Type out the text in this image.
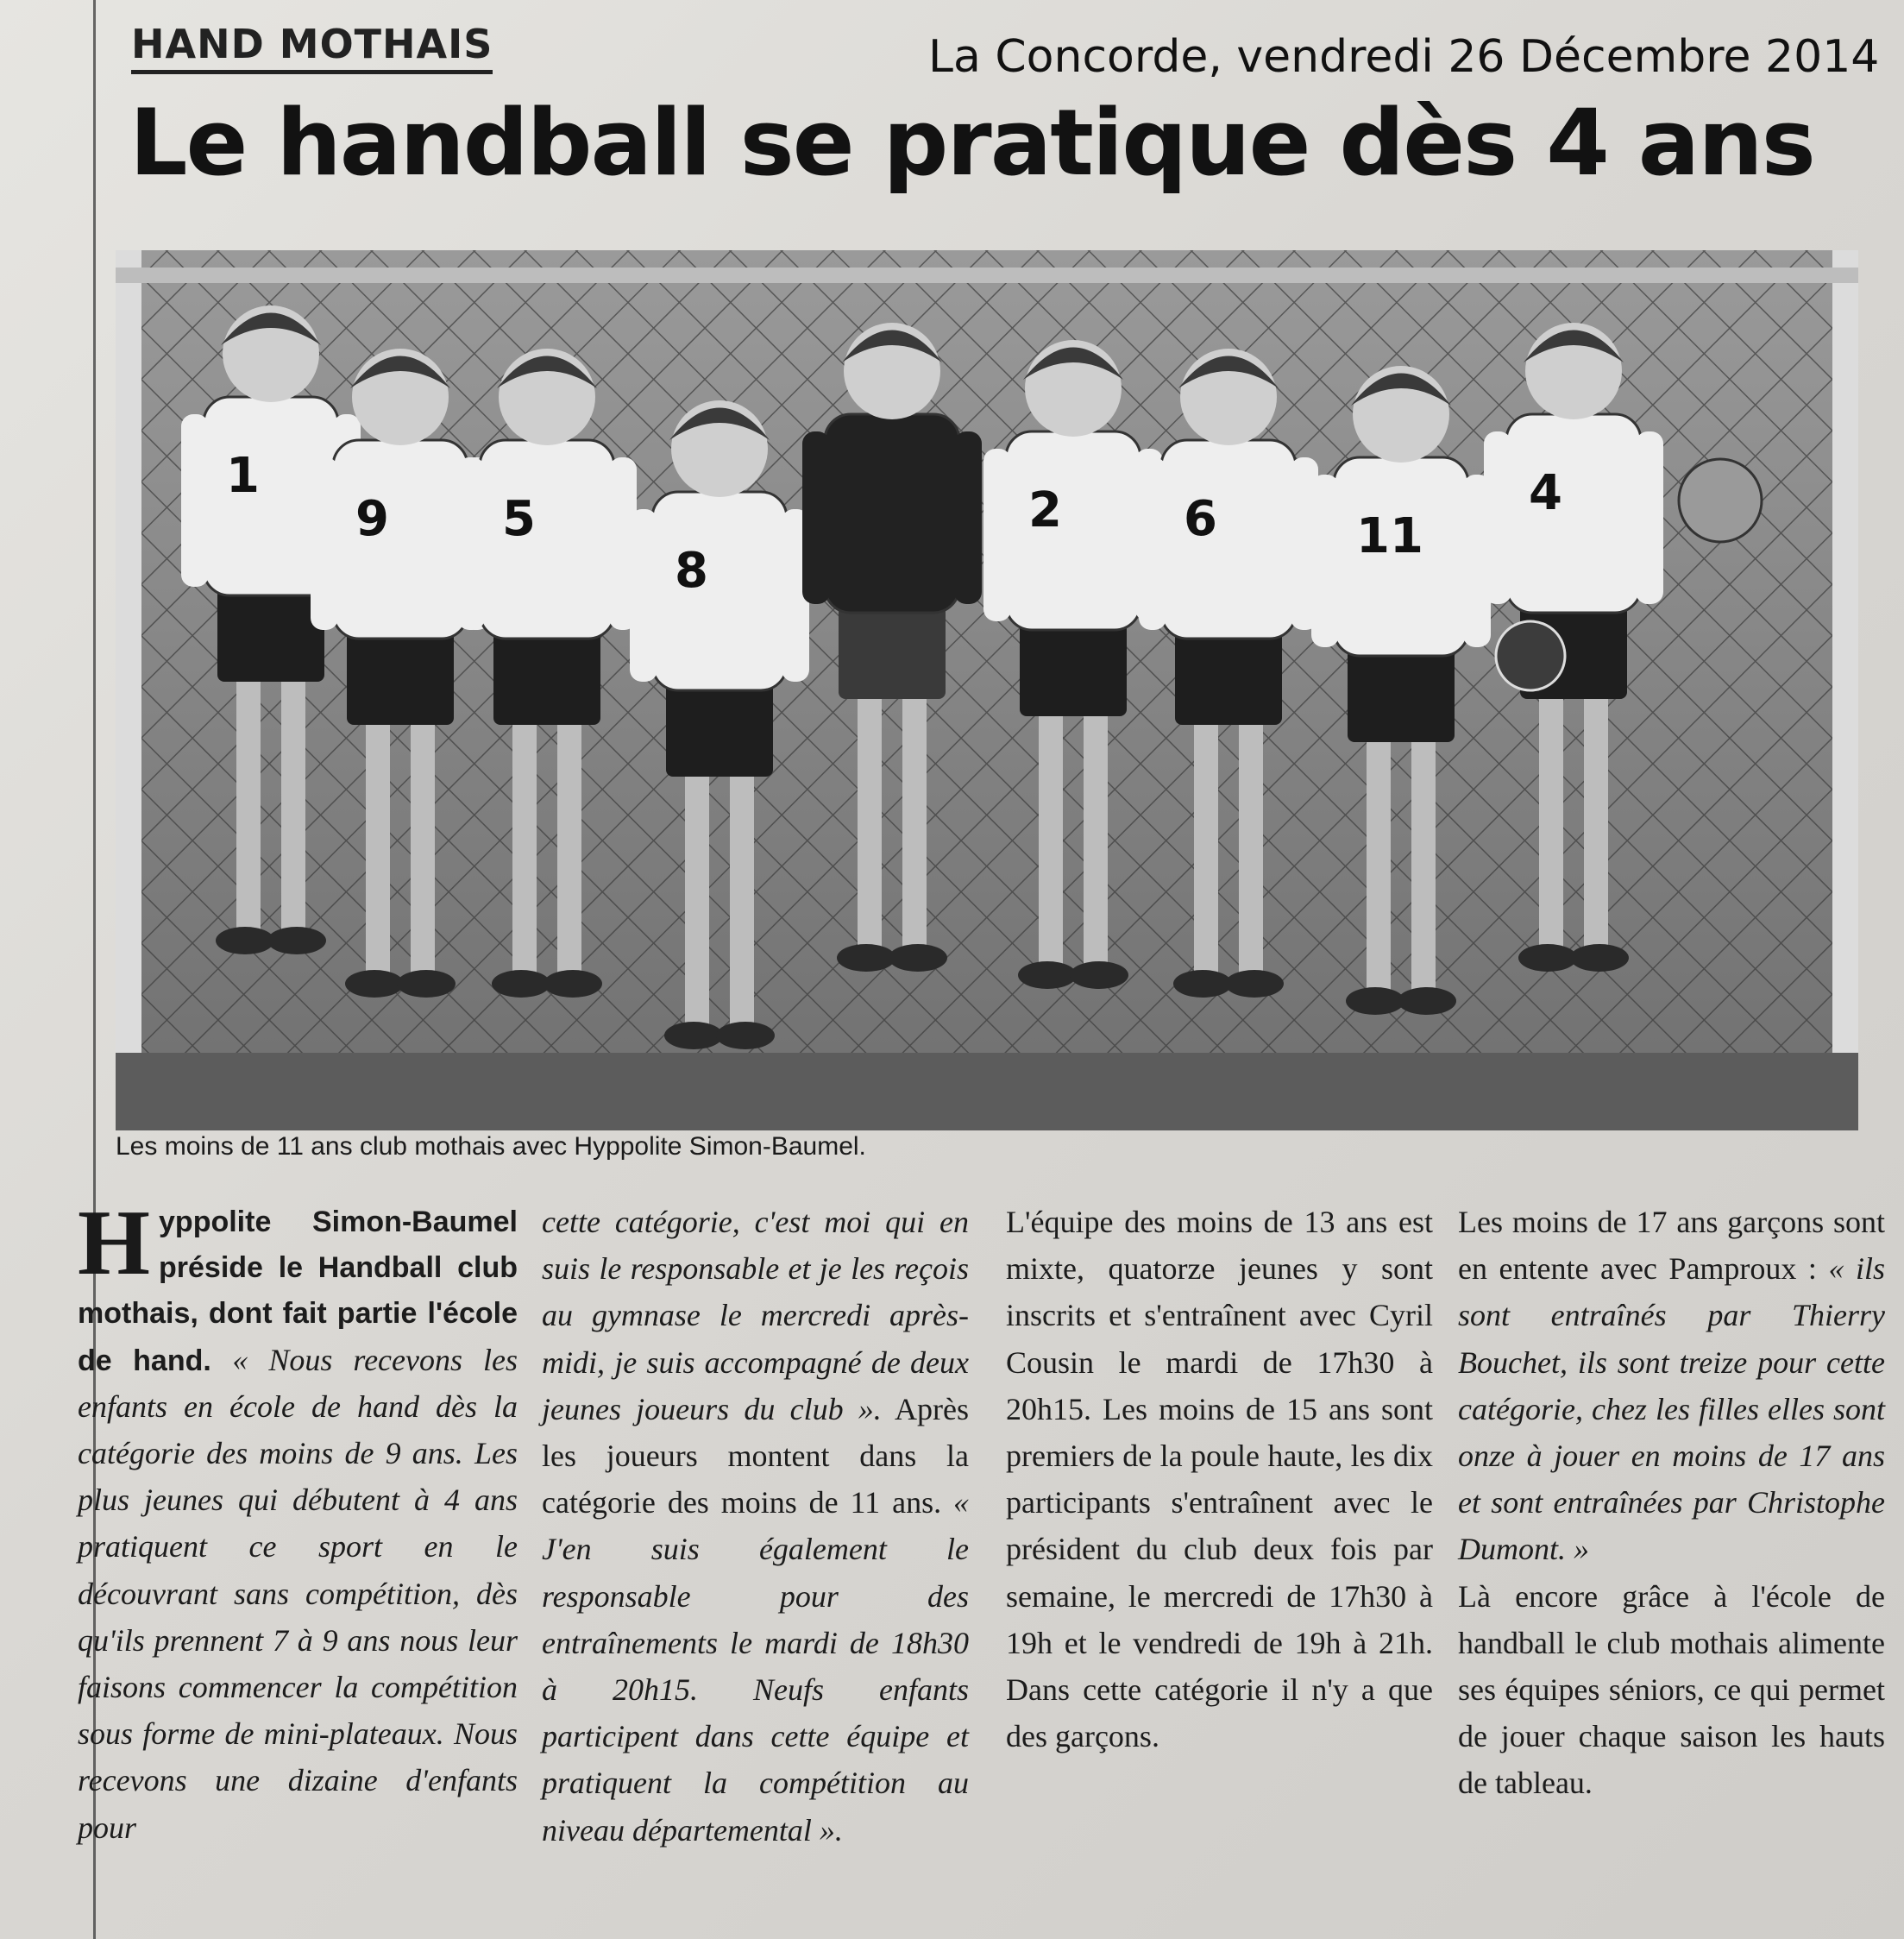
HAND MOTHAIS	La Concorde, vendredi 26 Décembre 2014

Le handball se pratique dès 4 ans
1
9 5
8
2	6	11
4

Les moins de 11 ans club mothais avec Hyppolite Simon-Baumel.

H yppolite Simon-Baumel préside le Handball club mothais, dont fait partie l'école de hand. « Nous recevons les enfants en école de hand dès la catégorie des moins de 9 ans. Les plus jeunes qui débutent à 4 ans pratiquent ce sport en le découvrant sans compétition, dès qu'ils prennent 7 à 9 ans nous leur faisons commencer la compétition sous forme de mini-plateaux. Nous recevons une dizaine d'enfants pour

cette catégorie, c'est moi qui en suis le responsable et je les reçois au gymnase le mercredi après-midi, je suis accompagné de deux jeunes joueurs du club ». Après les joueurs montent dans la catégorie des moins de 11 ans. « J'en suis également le responsable pour des entraînements le mardi de 18h30 à 20h15. Neufs enfants participent dans cette équipe et pratiquent la compétition au niveau départemental ».

L'équipe des moins de 13 ans est mixte, quatorze jeunes y sont inscrits et s'entraînent avec Cyril Cousin le mardi de 17h30 à 20h15. Les moins de 15 ans sont premiers de la poule haute, les dix participants s'entraînent avec le président du club deux fois par semaine, le mercredi de 17h30 à 19h et le vendredi de 19h à 21h. Dans cette catégorie il n'y a que des garçons.

Les moins de 17 ans garçons sont en entente avec Pamproux : « ils sont entraînés par Thierry Bouchet, ils sont treize pour cette catégorie, chez les filles elles sont onze à jouer en moins de 17 ans et sont entraînées par Christophe Dumont. »

Là encore grâce à l'école de handball le club mothais alimente ses équipes séniors, ce qui permet de jouer chaque saison les hauts de tableau.
